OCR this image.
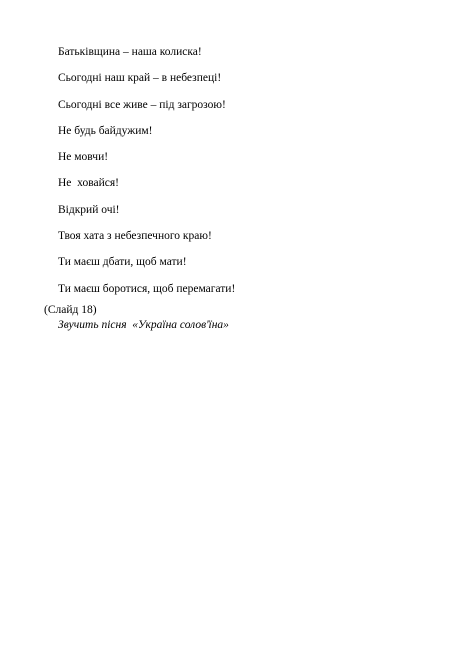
Батьківщина – наша колиска!
Сьогодні наш край – в небезпеці!
Сьогодні все живе – під загрозою!
Не будь байдужим!
Не мовчи!
Не  ховайся!
Відкрий очі!
Твоя хата з небезпечного краю!
Ти маєш дбати, щоб мати!
Ти маєш боротися, щоб перемагати!
(Слайд 18)
Звучить пісня  «Україна солов'їна»
